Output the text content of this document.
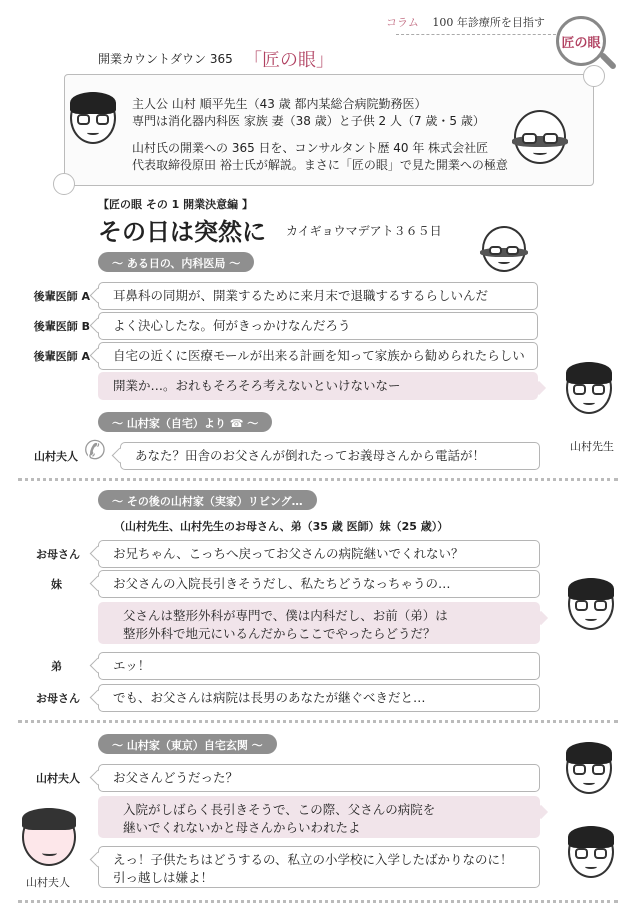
コラム 100 年診療所を目指す
匠の眼
開業カウントダウン 365 「匠の眼」
主人公 山村 順平先生（43 歳 都内某総合病院勤務医）
専門は消化器内科医 家族 妻（38 歳）と子供 2 人（7 歳・5 歳）
山村氏の開業への 365 日を、コンサルタント歴 40 年 株式会社匠
代表取締役原田 裕士氏が解説。まさに「匠の眼」で見た開業への極意
【匠の眼 その 1 開業決意編 】
その日は突然に カイギョウマデアト３６５日
～ ある日の、内科医局 ～
後輩医師 A	耳鼻科の同期が、開業するために来月末で退職するするらしいんだ
後輩医師 B	よく決心したな。何がきっかけなんだろう
後輩医師 A	自宅の近くに医療モールが出来る計画を知って家族から勧められたらしい
開業か…。おれもそろそろ考えないといけないなー
山村先生
～ 山村家（自宅）より ☎ ～
✆
山村夫人	あなた？田舎のお父さんが倒れたってお義母さんから電話が！
～ その後の山村家（実家）リビング…
（山村先生、山村先生のお母さん、弟（35 歳 医師）妹（25 歳））
お母さん	お兄ちゃん、こっちへ戻ってお父さんの病院継いでくれない？
妹	お父さんの入院長引きそうだし、私たちどうなっちゃうの…
父さんは整形外科が専門で、僕は内科だし、お前（弟）は
整形外科で地元にいるんだからここでやったらどうだ？
弟	エッ！
お母さん	でも、お父さんは病院は長男のあなたが継ぐべきだと…
～ 山村家（東京）自宅玄関 ～
山村夫人	お父さんどうだった？
入院がしばらく長引きそうで、この際、父さんの病院を
継いでくれないかと母さんからいわれたよ
山村夫人
えっ！子供たちはどうするの、私立の小学校に入学したばかりなのに！
引っ越しは嫌よ！
